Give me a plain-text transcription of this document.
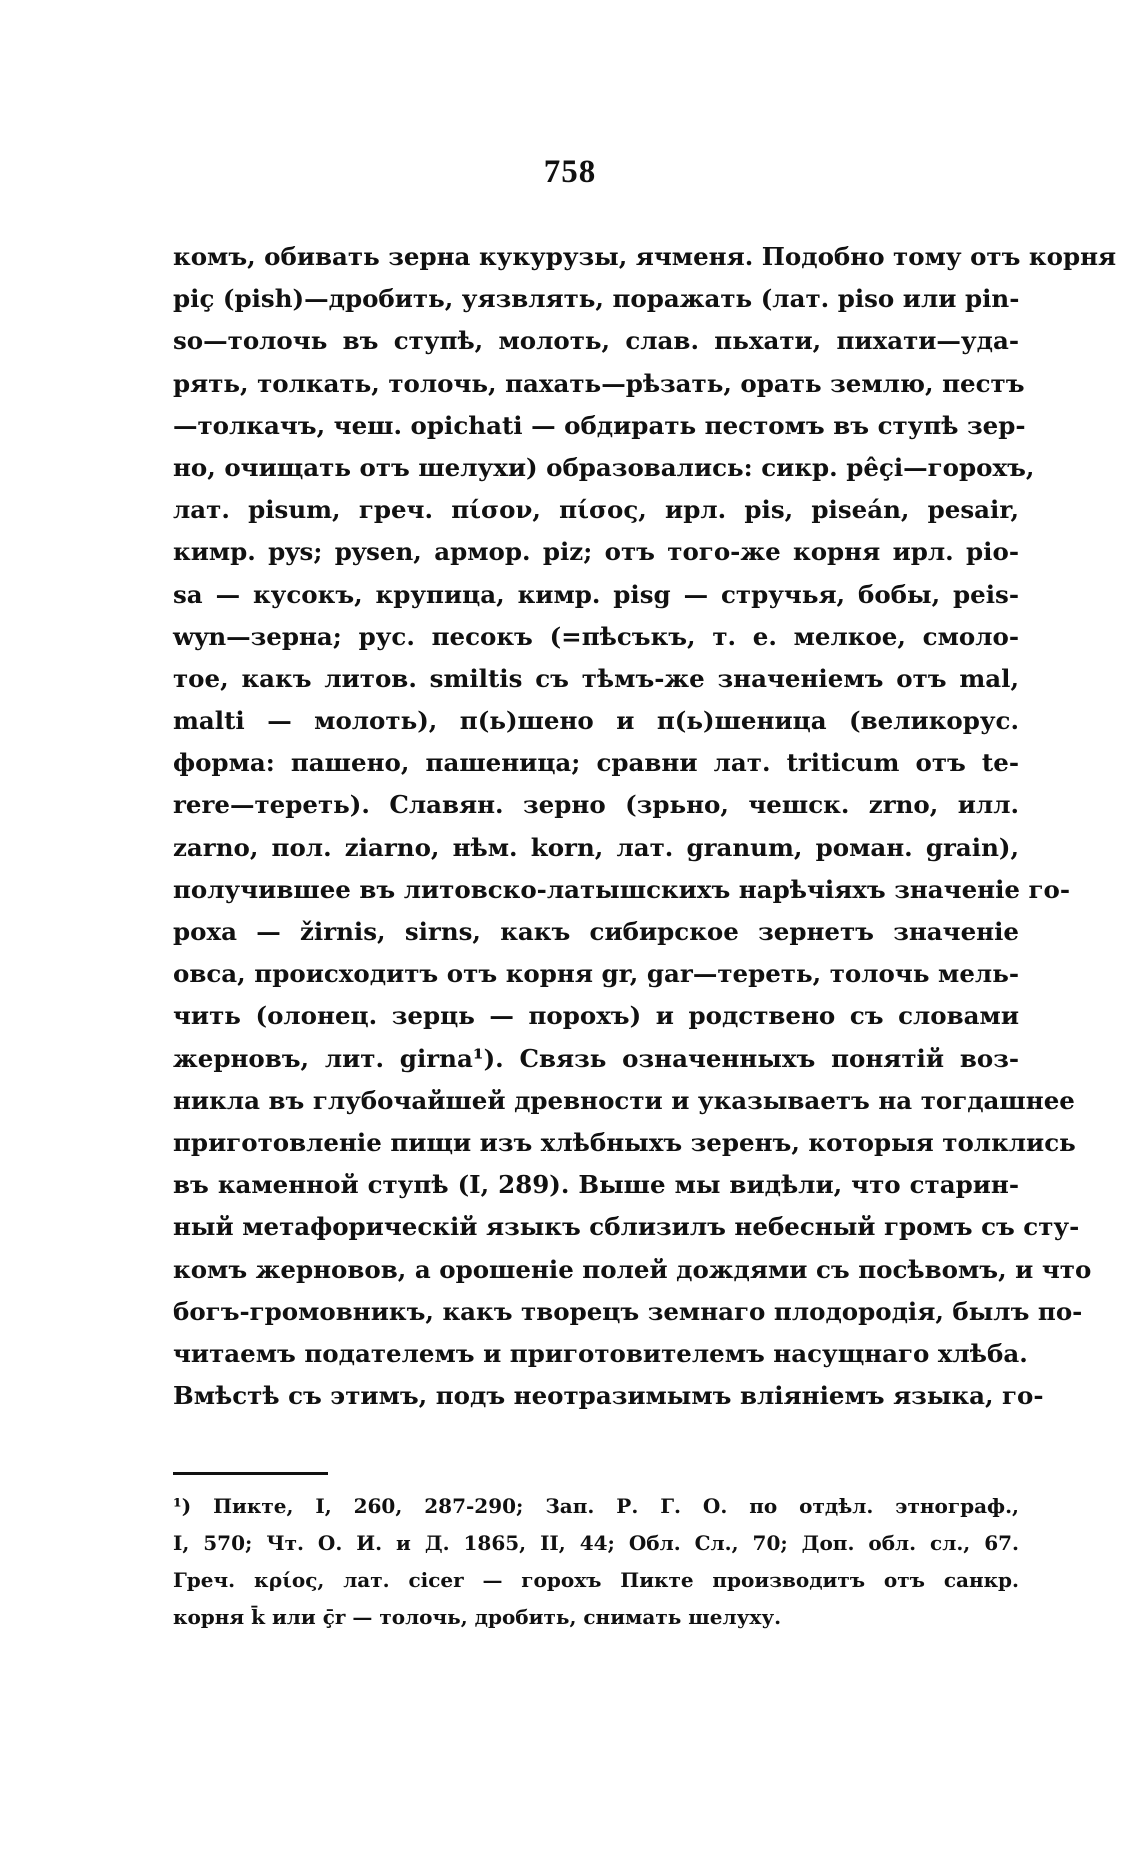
758
комъ, обивать зерна кукурузы, ячменя. Подобно тому отъ корня
piç (pish)—дробить, уязвлять, поражать (лат. piso или pin-
so—толочь въ ступѣ, молоть, слав. пьхати, пихати—уда-
рять, толкать, толочь, пахать—рѣзать, орать землю, пестъ
—толкачъ, чеш. opichati — обдирать пестомъ въ ступѣ зер-
но, очищать отъ шелухи) образовались: сикр. pêçi—горохъ,
лат. pisum, греч. πίσον, πίσος, ирл. pis, piseán, pesair,
кимр. pys; pysen, армор. piz; отъ того-же корня ирл. pio-
sa — кусокъ, крупица, кимр. pisg — стручья, бобы, peis-
wyn—зерна; рус. песокъ (=пѣсъкъ, т. е. мелкое, смоло-
тое, какъ литов. smiltis съ тѣмъ-же значеніемъ отъ mal,
malti — молоть), п(ь)шено и п(ь)шеница (великорус.
форма: пашено, пашеница; сравни лат. triticum отъ te-
rere—тереть). Славян. зерно (зрьно, чешск. zrno, илл.
zarno, пол. ziarno, нѣм. korn, лат. granum, роман. grain),
получившее въ литовско-латышскихъ нарѣчіяхъ значеніе го-
роха — žirnis, sirns, какъ сибирское зернетъ значеніе
овса, происходитъ отъ корня gr, gar—тереть, толочь мель-
чить (олонец. зерць — порохъ) и родствено съ словами
жерновъ, лит. girna¹). Связь означенныхъ понятій воз-
никла въ глубочайшей древности и указываетъ на тогдашнее
приготовленіе пищи изъ хлѣбныхъ зеренъ, которыя толклись
въ каменной ступѣ (I, 289). Выше мы видѣли, что старин-
ный метафорическій языкъ сблизилъ небесный громъ съ сту-
комъ жерновов, а орошеніе полей дождями съ посѣвомъ, и что
богъ-громовникъ, какъ творецъ земнаго плодородія, былъ по-
читаемъ подателемъ и приготовителемъ насущнаго хлѣба.
Вмѣстѣ съ этимъ, подъ неотразимымъ вліяніемъ языка, го-
¹) Пикте, I, 260, 287-290; Зап. Р. Г. О. по отдѣл. этнограф.,
I, 570; Чт. О. И. и Д. 1865, II, 44; Обл. Сл., 70; Доп. обл. сл., 67.
Греч. κρίος, лат. cicer — горохъ Пикте производитъ отъ санкр.
корня k̄ или ç̄r — толочь, дробить, снимать шелуху.
